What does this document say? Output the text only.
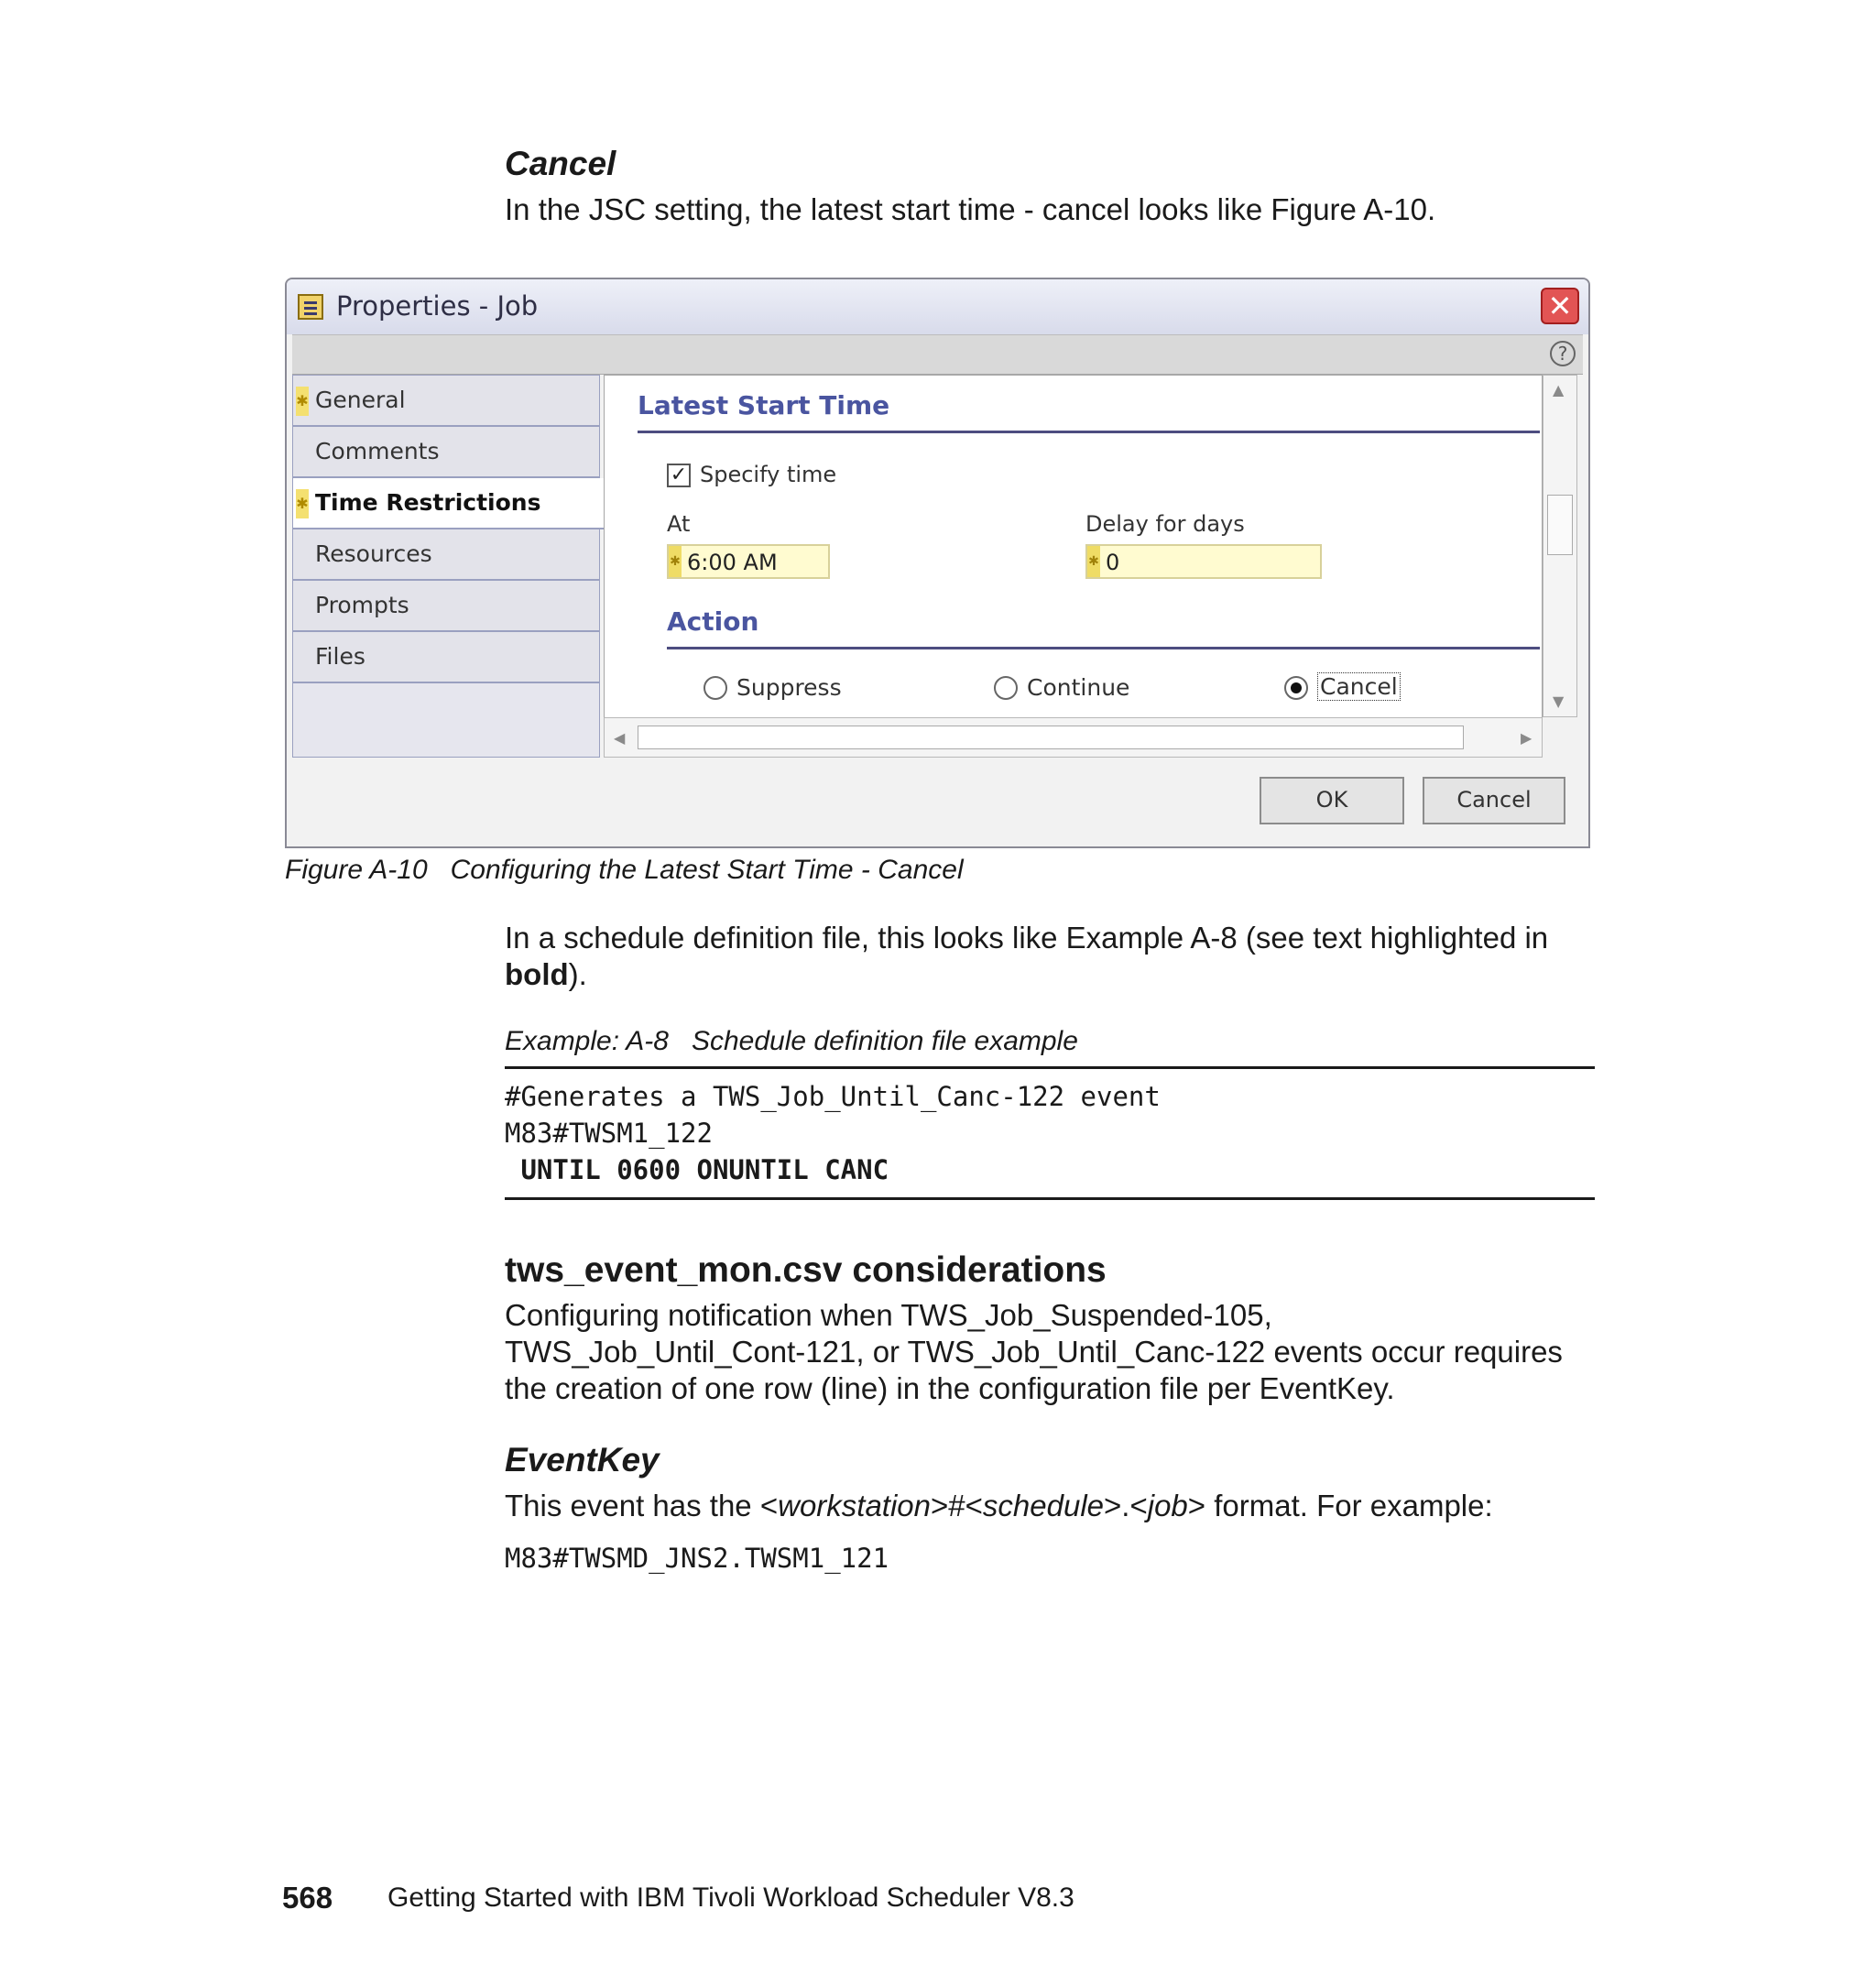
Cancel
In the JSC setting, the latest start time - cancel looks like Figure A-10.
Properties - Job	✕
?
✱ General
Comments
✱ Time Restrictions
Resources
Prompts
Files
Latest Start Time
✓ Specify time
At
✱ 6:00 AM
Delay for days
✱ 0
Action
Suppress	Continue	Cancel
▲
▼
◀	▶
OK	Cancel
Figure A-10   Configuring the Latest Start Time - Cancel
In a schedule definition file, this looks like Example A-8 (see text highlighted in
bold).
Example: A-8   Schedule definition file example
#Generates a TWS_Job_Until_Canc-122 event
M83#TWSM1_122
UNTIL 0600 ONUNTIL CANC
tws_event_mon.csv considerations
Configuring notification when TWS_Job_Suspended-105,
TWS_Job_Until_Cont-121, or TWS_Job_Until_Canc-122 events occur requires
the creation of one row (line) in the configuration file per EventKey.
EventKey
This event has the <workstation>#<schedule>.<job> format. For example:
M83#TWSMD_JNS2.TWSM1_121
568 Getting Started with IBM Tivoli Workload Scheduler V8.3
